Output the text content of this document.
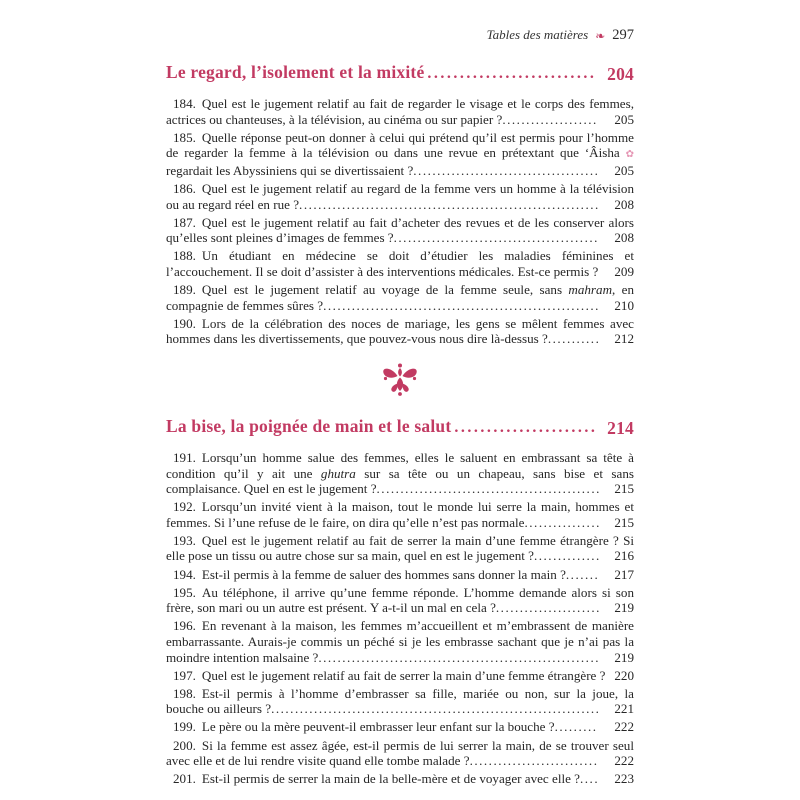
Tables des matières ❧ 297
Le regard, l’isolement et la mixité .......................... 204

184. Quel est le jugement relatif au fait de regarder le visage et le corps des femmes, actrices ou chanteuses, à la télévision, au cinéma ou sur papier ?....................	205

185. Quelle réponse peut-on donner à celui qui prétend qu’il est permis pour l’homme de regarder la femme à la télévision ou dans une revue en prétextant que ‘Âisha ✿ regardait les Abyssiniens qui se divertissaient ?.......................................	205

186. Quel est le jugement relatif au regard de la femme vers un homme à la télévision ou au regard réel en rue ?...............................................................	208

187. Quel est le jugement relatif au fait d’acheter des revues et de les conserver alors qu’elles sont pleines d’images de femmes ?...........................................	208

188. Un étudiant en médecine se doit d’étudier les maladies féminines et l’accouchement. Il se doit d’assister à des interventions médicales. Est-ce permis ?	209

189. Quel est le jugement relatif au voyage de la femme seule, sans mahram, en compagnie de femmes sûres ?..........................................................	210

190. Lors de la célébration des noces de mariage, les gens se mêlent femmes avec hommes dans les divertissements, que pouvez-vous nous dire là-dessus ?...........	212

La bise, la poignée de main et le salut ...................... 214

191. Lorsqu’un homme salue des femmes, elles le saluent en embrassant sa tête à condition qu’il y ait une ghutra sur sa tête ou un chapeau, sans bise et sans complaisance. Quel en est le jugement ?...............................................	215

192. Lorsqu’un invité vient à la maison, tout le monde lui serre la main, hommes et femmes. Si l’une refuse de le faire, on dira qu’elle n’est pas normale................	215

193. Quel est le jugement relatif au fait de serrer la main d’une femme étrangère ? Si elle pose un tissu ou autre chose sur sa main, quel en est le jugement ?..............	216

194. Est-il permis à la femme de saluer des hommes sans donner la main ?.......	217

195. Au téléphone, il arrive qu’une femme réponde. L’homme demande alors si son frère, son mari ou un autre est présent. Y a-t-il un mal en cela ?......................	219

196. En revenant à la maison, les femmes m’accueillent et m’embrassent de manière embarrassante. Aurais-je commis un péché si je les embrasse sachant que je n’ai pas la moindre intention malsaine ?...........................................................	219

197. Quel est le jugement relatif au fait de serrer la main d’une femme étrangère ? 220

198. Est-il permis à l’homme d’embrasser sa fille, mariée ou non, sur la joue, la bouche ou ailleurs ?.....................................................................	221

199. Le père ou la mère peuvent-il embrasser leur enfant sur la bouche ?.........	222

200. Si la femme est assez âgée, est-il permis de lui serrer la main, de se trouver seul avec elle et de lui rendre visite quand elle tombe malade ?...........................	222

201. Est-il permis de serrer la main de la belle-mère et de voyager avec elle ?....	223
